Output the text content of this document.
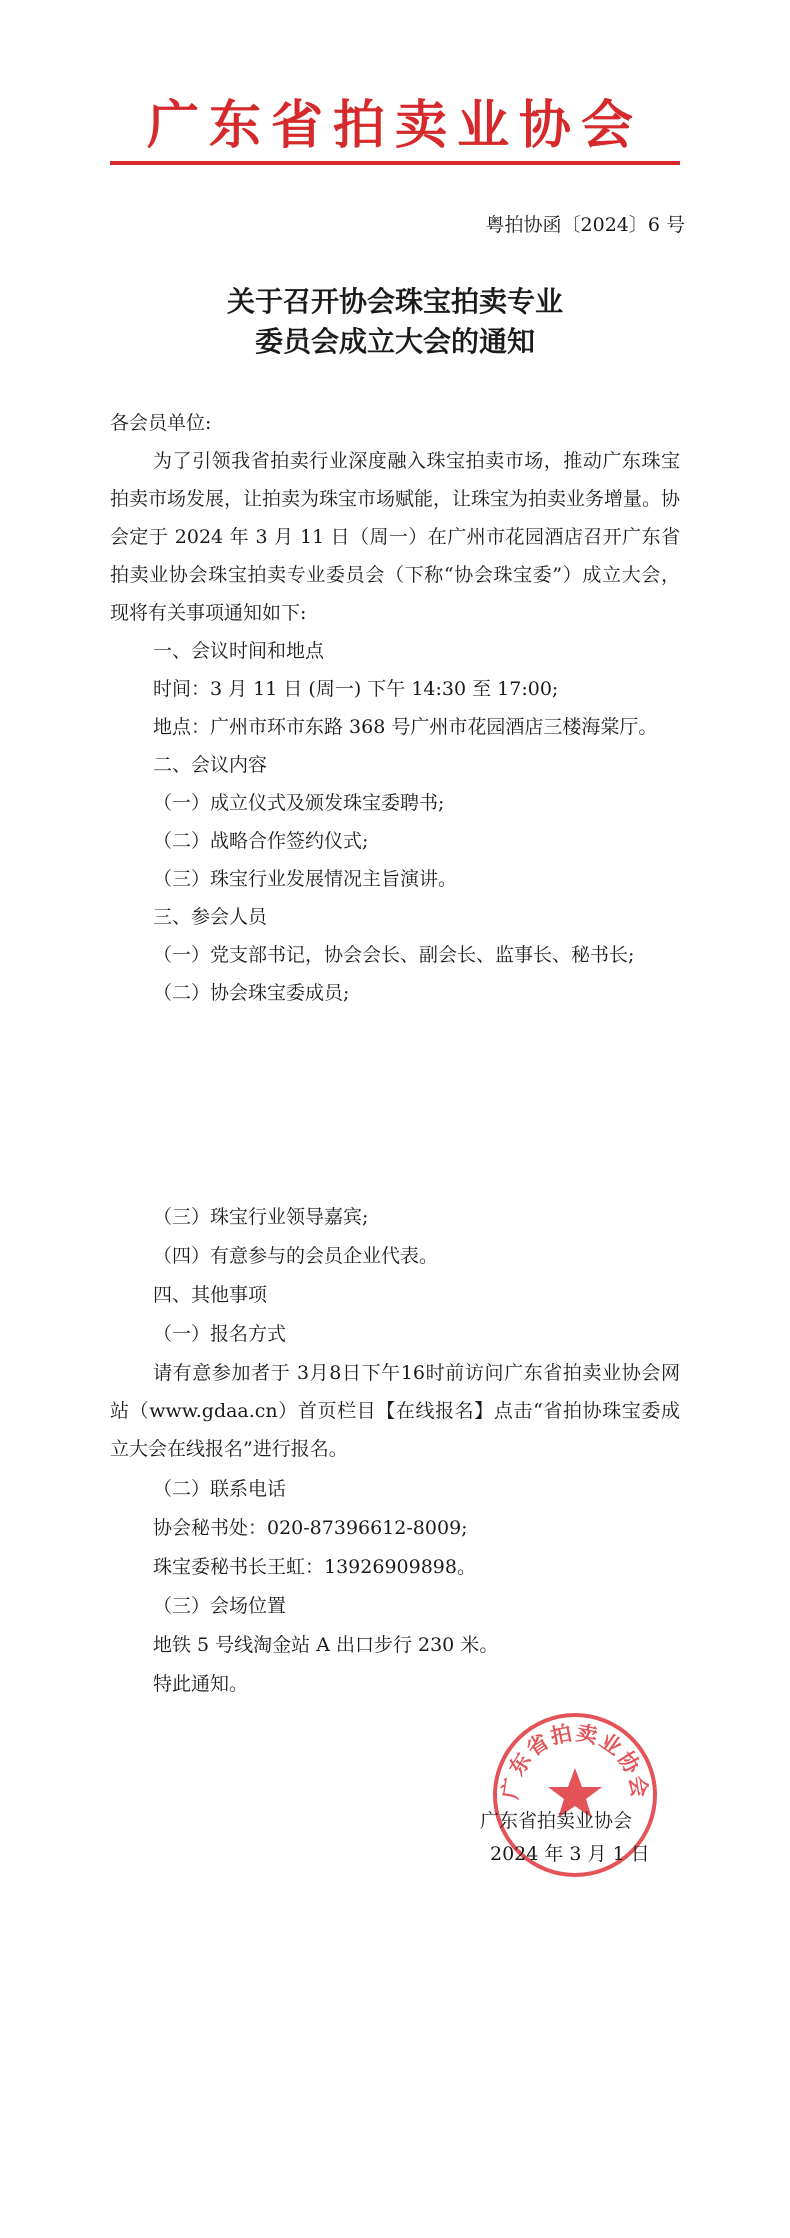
广东省拍卖业协会
粤拍协函〔2024〕6 号
关于召开协会珠宝拍卖专业
委员会成立大会的通知
各会员单位:
为了引领我省拍卖行业深度融入珠宝拍卖市场，推动广东珠宝拍卖市场发展，让拍卖为珠宝市场赋能，让珠宝为拍卖业务增量。协会定于 2024 年 3 月 11 日（周一）在广州市花园酒店召开广东省拍卖业协会珠宝拍卖专业委员会（下称“协会珠宝委”）成立大会，现将有关事项通知如下:
一、会议时间和地点
时间：3 月 11 日 (周一) 下午 14:30 至 17:00;
地点：广州市环市东路 368 号广州市花园酒店三楼海棠厅。
二、会议内容
（一）成立仪式及颁发珠宝委聘书;
（二）战略合作签约仪式;
（三）珠宝行业发展情况主旨演讲。
三、参会人员
（一）党支部书记，协会会长、副会长、监事长、秘书长;
（二）协会珠宝委成员;
（三）珠宝行业领导嘉宾;
（四）有意参与的会员企业代表。
四、其他事项
（一）报名方式
请有意参加者于 3月8日下午16时前访问广东省拍卖业协会网站（www.gdaa.cn）首页栏目【在线报名】点击“省拍协珠宝委成立大会在线报名”进行报名。
（二）联系电话
协会秘书处：020-87396612-8009;
珠宝委秘书长王虹：13926909898。
（三）会场位置
地铁 5 号线淘金站 A 出口步行 230 米。
特此通知。
广东省拍卖业协会
广东省拍卖业协会
2024 年 3 月 1 日
